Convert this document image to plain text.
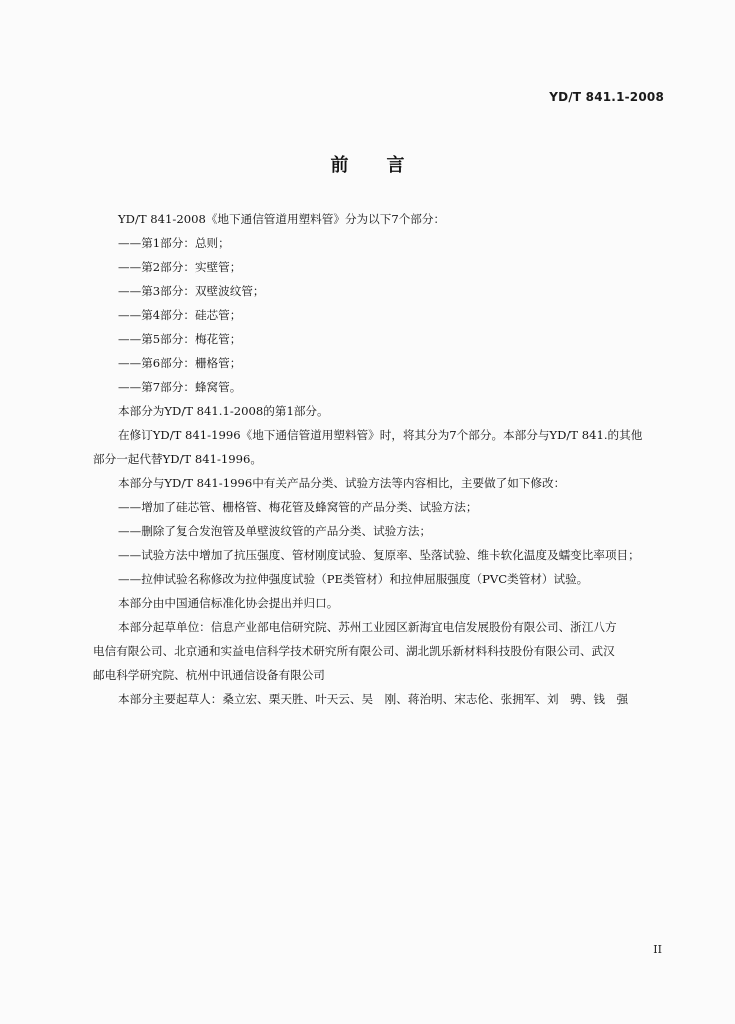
YD/T 841.1-2008
前 言
YD/T 841-2008《地下通信管道用塑料管》分为以下7个部分：
——第1部分：总则；
——第2部分：实壁管；
——第3部分：双壁波纹管；
——第4部分：硅芯管；
——第5部分：梅花管；
——第6部分：栅格管；
——第7部分：蜂窝管。
本部分为YD/T 841.1-2008的第1部分。
在修订YD/T 841-1996《地下通信管道用塑料管》时，将其分为7个部分。本部分与YD/T 841.的其他
部分一起代替YD/T 841-1996。
本部分与YD/T 841-1996中有关产品分类、试验方法等内容相比，主要做了如下修改：
——增加了硅芯管、栅格管、梅花管及蜂窝管的产品分类、试验方法；
——删除了复合发泡管及单壁波纹管的产品分类、试验方法；
——试验方法中增加了抗压强度、管材刚度试验、复原率、坠落试验、维卡软化温度及蠕变比率项目；
——拉伸试验名称修改为拉伸强度试验（PE类管材）和拉伸屈服强度（PVC类管材）试验。
本部分由中国通信标准化协会提出并归口。
本部分起草单位：信息产业部电信研究院、苏州工业园区新海宜电信发展股份有限公司、浙江八方
电信有限公司、北京通和实益电信科学技术研究所有限公司、湖北凯乐新材料科技股份有限公司、武汉
邮电科学研究院、杭州中讯通信设备有限公司
本部分主要起草人：桑立宏、栗天胜、叶天云、吴　刚、蒋治明、宋志伦、张拥军、刘　骋、钱　强
II
